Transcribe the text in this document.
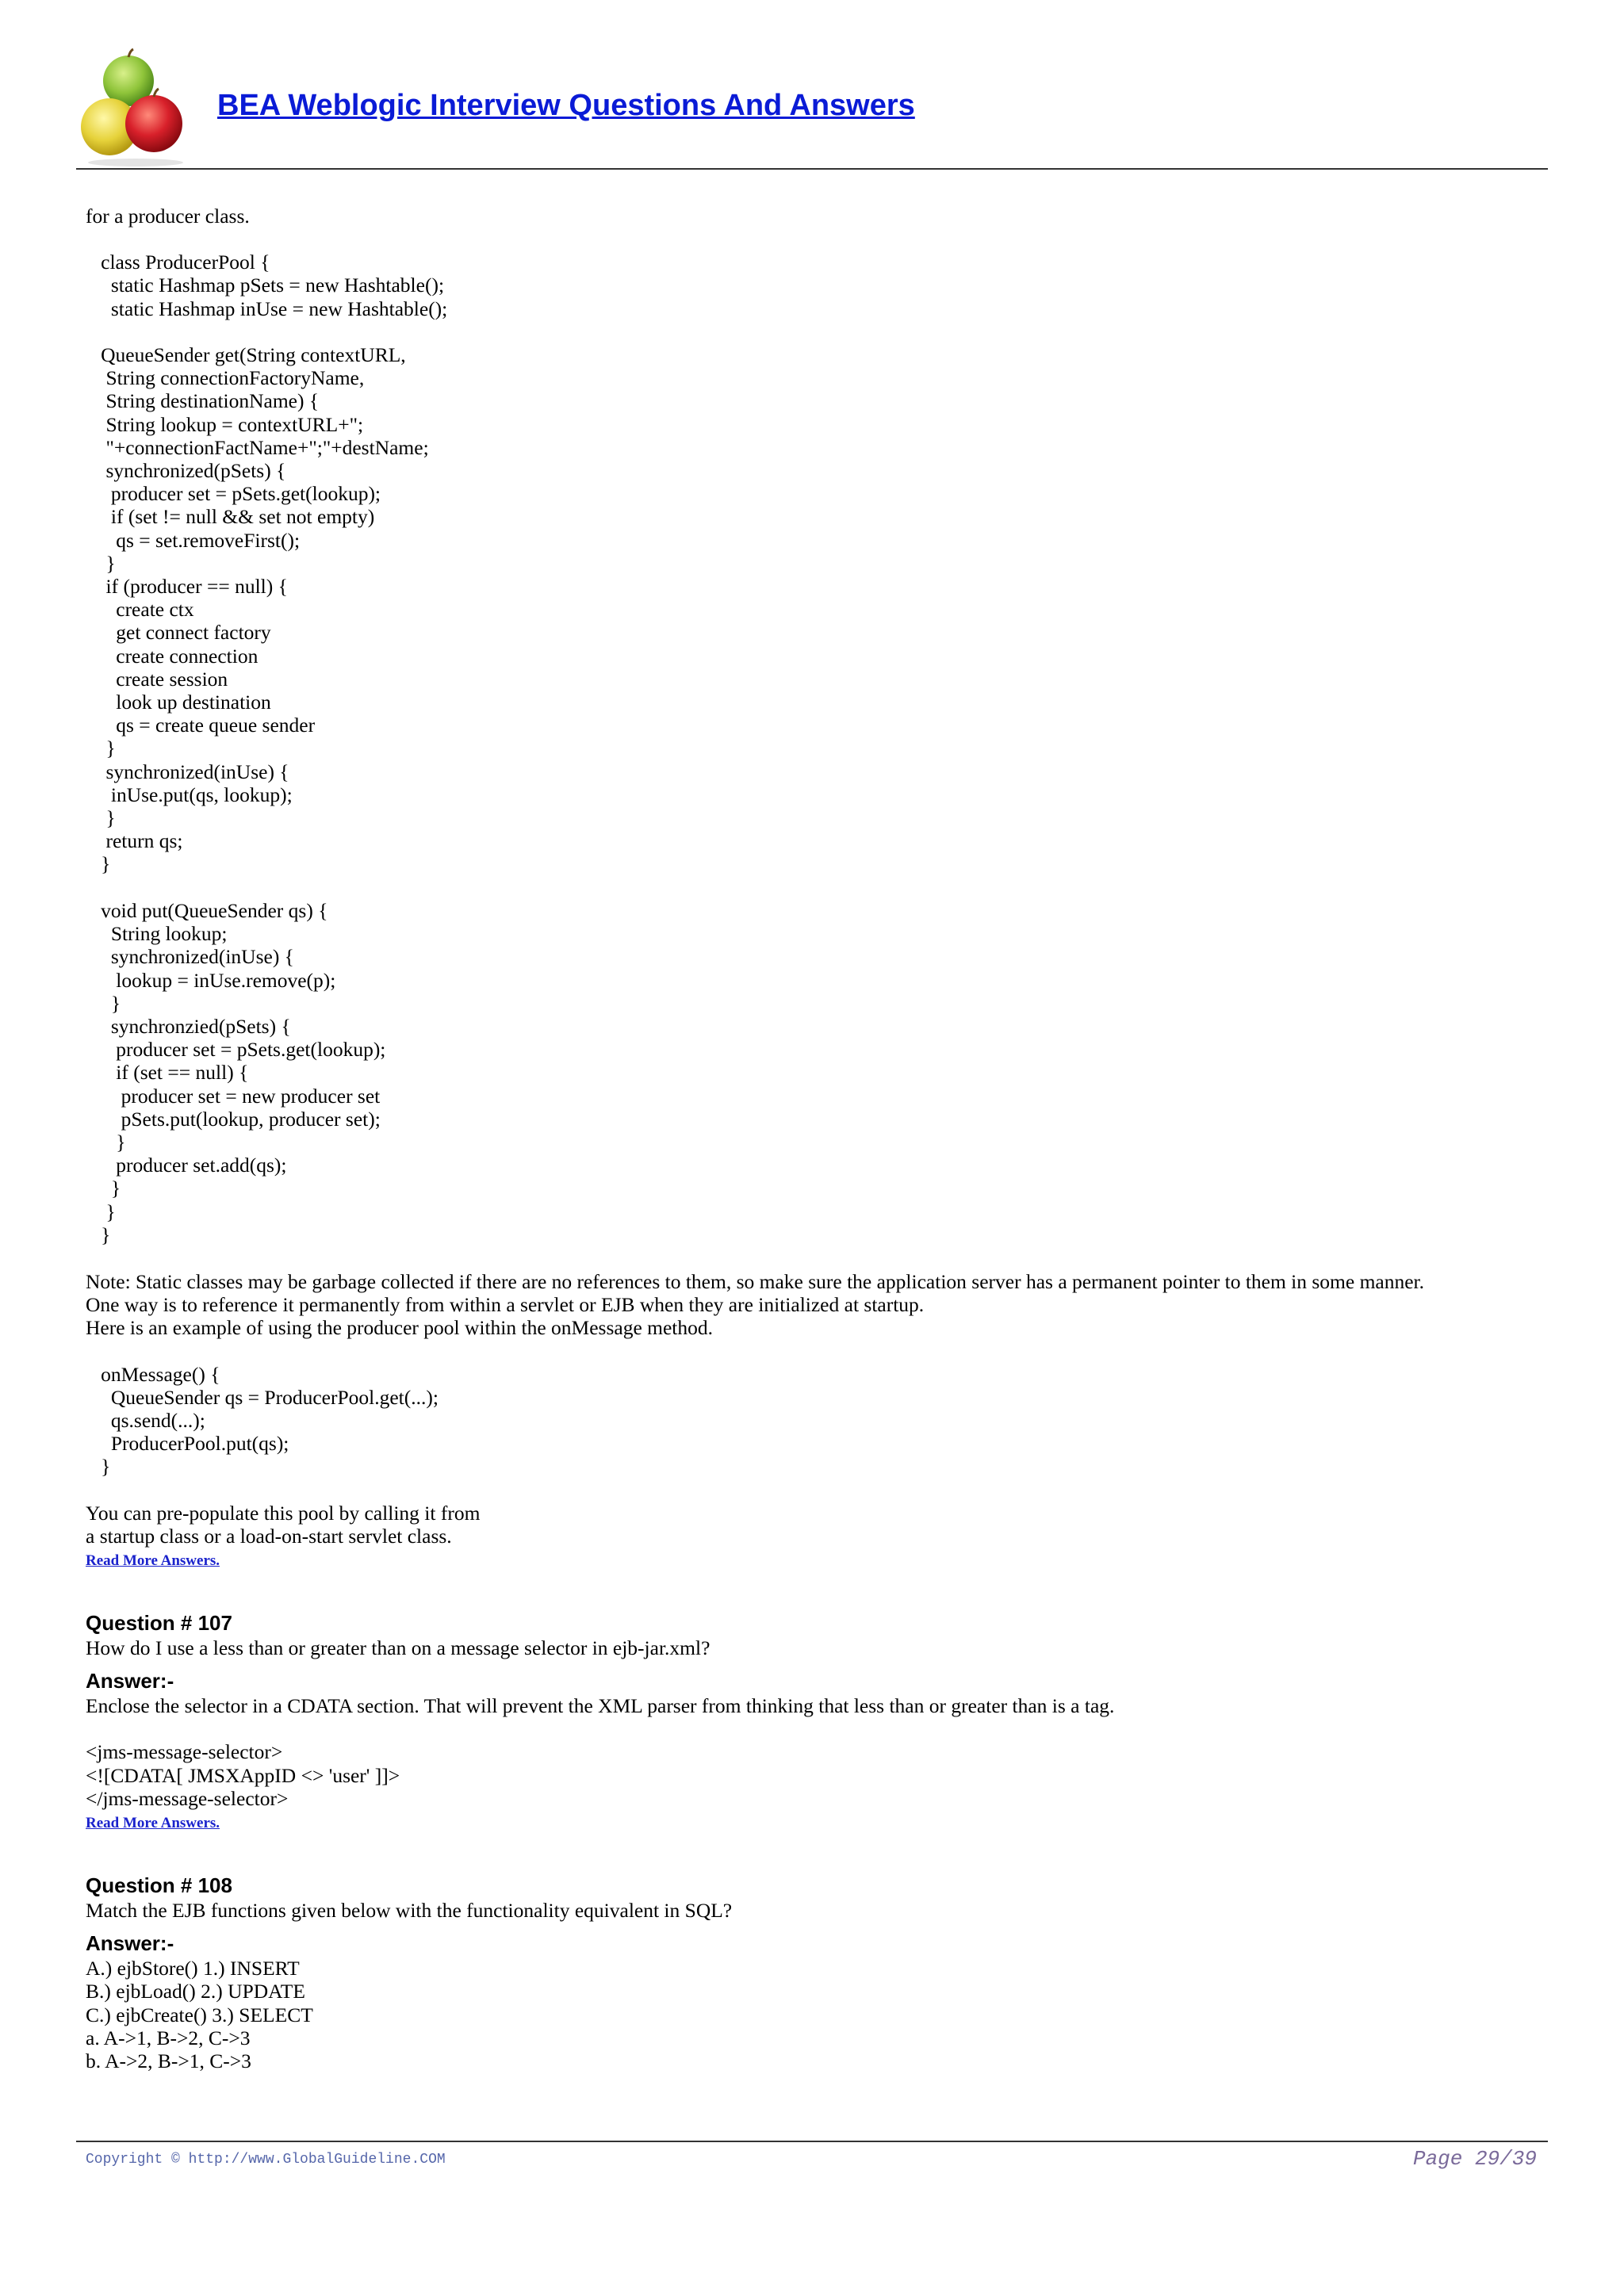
BEA Weblogic Interview Questions And Answers

for a producer class.

class ProducerPool {
static Hashmap pSets = new Hashtable();
static Hashmap inUse = new Hashtable();

QueueSender get(String contextURL,
String connectionFactoryName,
String destinationName) {
String lookup = contextURL+";
"+connectionFactName+";"+destName;
synchronized(pSets) {
producer set = pSets.get(lookup);
if (set != null && set not empty)
qs = set.removeFirst();
}
if (producer == null) {
create ctx
get connect factory
create connection
create session
look up destination
qs = create queue sender
}
synchronized(inUse) {
inUse.put(qs, lookup);
}
return qs;
}

void put(QueueSender qs) {
String lookup;
synchronized(inUse) {
lookup = inUse.remove(p);
}
synchronzied(pSets) {
producer set = pSets.get(lookup);
if (set == null) {
producer set = new producer set
pSets.put(lookup, producer set);
}
producer set.add(qs);
}
}
}

Note: Static classes may be garbage collected if there are no references to them, so make sure the application server has a permanent pointer to them in some manner.
One way is to reference it permanently from within a servlet or EJB when they are initialized at startup.
Here is an example of using the producer pool within the onMessage method.

onMessage() {
QueueSender qs = ProducerPool.get(...);
qs.send(...);
ProducerPool.put(qs);
}

You can pre-populate this pool by calling it from
a startup class or a load-on-start servlet class.

Read More Answers.

Question # 107

How do I use a less than or greater than on a message selector in ejb-jar.xml?

Answer:-

Enclose the selector in a CDATA section. That will prevent the XML parser from thinking that less than or greater than is a tag.

<jms-message-selector>
<![CDATA[ JMSXAppID <> 'user' ]]>
</jms-message-selector>
Read More Answers.

Question # 108

Match the EJB functions given below with the functionality equivalent in SQL?

Answer:-

A.) ejbStore() 1.) INSERT
B.) ejbLoad() 2.) UPDATE
C.) ejbCreate() 3.) SELECT
a. A->1, B->2, C->3
b. A->2, B->1, C->3

Copyright © http://www.GlobalGuideline.COM	Page 29/39
